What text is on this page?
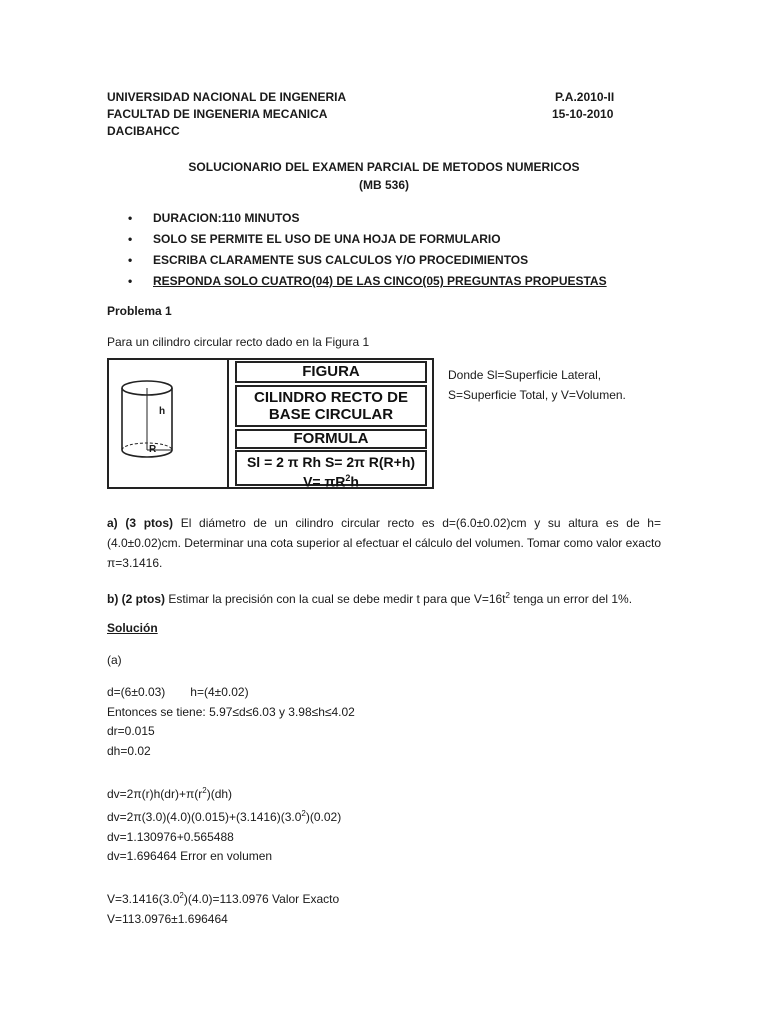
UNIVERSIDAD NACIONAL DE INGENERIA
FACULTAD DE INGENERIA MECANICA
DACIBAHCC
P.A.2010-II
15-10-2010
SOLUCIONARIO DEL EXAMEN PARCIAL DE METODOS NUMERICOS
(MB 536)
• DURACION:110 MINUTOS
• SOLO SE PERMITE EL USO DE UNA HOJA DE FORMULARIO
• ESCRIBA CLARAMENTE SUS CALCULOS Y/O PROCEDIMIENTOS
• RESPONDA SOLO CUATRO(04) DE LAS CINCO(05) PREGUNTAS PROPUESTAS
Problema 1
Para un cilindro circular recto dado en la Figura 1
h
R
FIGURA
CILINDRO RECTO DE
BASE CIRCULAR
FORMULA
Sl = 2 π Rh S= 2π R(R+h)
$V= \pi R^2h$
Donde Sl=Superficie Lateral,
S=Superficie Total, y V=Volumen.
a) (3 ptos) El diámetro de un cilindro circular recto es d=(6.0±0.02)cm y su altura es de h=(4.0±0.02)cm. Determinar una cota superior al efectuar el cálculo del volumen. Tomar como valor exacto π=3.1416.
b) (2 ptos) Estimar la precisión con la cual se debe medir t para que $V=16t^2$ tenga un error del 1%.
Solución
(a)
d=(6±0.03) h=(4±0.02)
Entonces se tiene: 5.97≤d≤6.03 y 3.98≤h≤4.02
dr=0.015
dh=0.02
$dv=2\pi(r)h(dr)+\pi(r^2)(dh)$
$dv=2\pi(3.0)(4.0)(0.015)+(3.1416)(3.0^2)(0.02)$
dv=1.130976+0.565488
dv=1.696464 Error en volumen
$V=3.1416(3.0^2)(4.0)=113.0976$ Valor Exacto
V=113.0976±1.696464
